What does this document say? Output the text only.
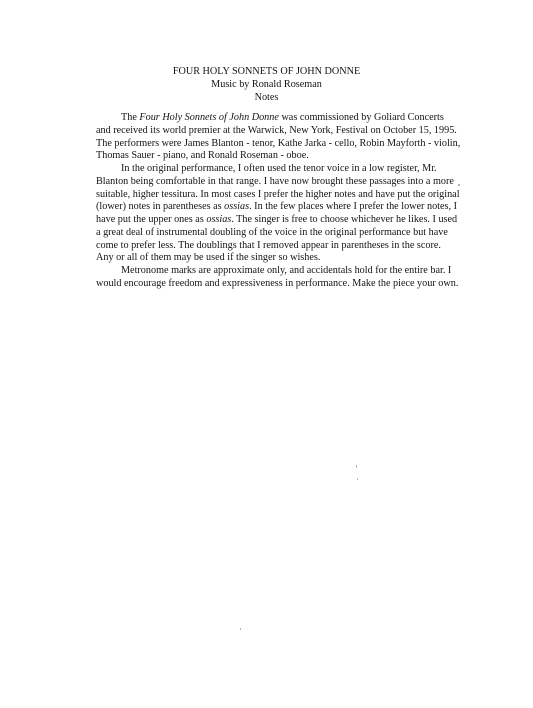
FOUR HOLY SONNETS OF JOHN DONNE
Music by Ronald Roseman
Notes
The Four Holy Sonnets of John Donne was commissioned by Goliard Concerts
and received its world premier at the Warwick, New York, Festival on October 15, 1995.
The performers were James Blanton - tenor, Kathe Jarka - cello, Robin Mayforth - violin,
Thomas Sauer - piano, and Ronald Roseman - oboe.
In the original performance, I often used the tenor voice in a low register, Mr.
Blanton being comfortable in that range. I have now brought these passages into a more
suitable, higher tessitura. In most cases I prefer the higher notes and have put the original
(lower) notes in parentheses as ossias. In the few places where I prefer the lower notes, I
have put the upper ones as ossias. The singer is free to choose whichever he likes. I used
a great deal of instrumental doubling of the voice in the original performance but have
come to prefer less. The doublings that I removed appear in parentheses in the score.
Any or all of them may be used if the singer so wishes.
Metronome marks are approximate only, and accidentals hold for the entire bar. I
would encourage freedom and expressiveness in performance. Make the piece your own.
